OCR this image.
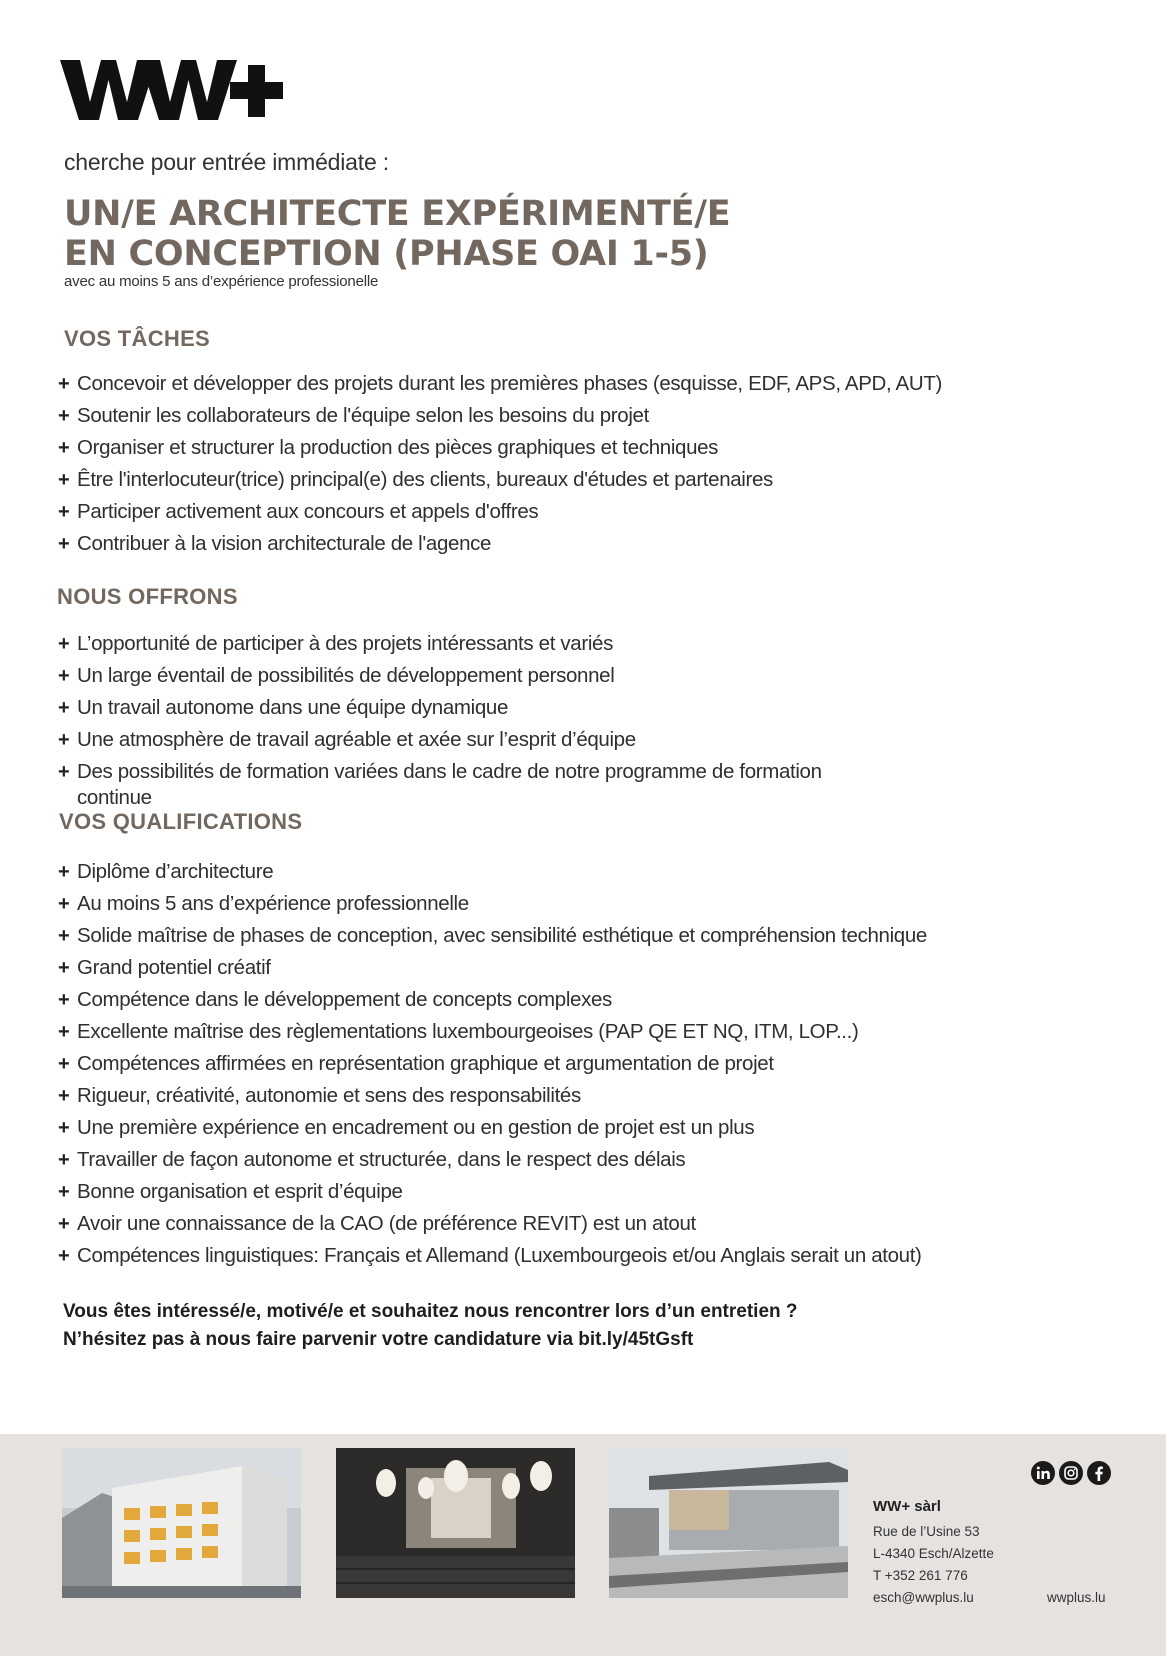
cherche pour entrée immédiate :
UN/E ARCHITECTE EXPÉRIMENTÉ/E
EN CONCEPTION (PHASE OAI 1-5)
avec au moins 5 ans d’expérience professionelle
VOS TÂCHES
+ Concevoir et développer des projets durant les premières phases (esquisse, EDF, APS, APD, AUT)
+ Soutenir les collaborateurs de l'équipe selon les besoins du projet
+ Organiser et structurer la production des pièces graphiques et techniques
+ Être l'interlocuteur(trice) principal(e) des clients, bureaux d'études et partenaires
+ Participer activement aux concours et appels d'offres
+ Contribuer à la vision architecturale de l'agence
NOUS OFFRONS
+ L’opportunité de participer à des projets intéressants et variés
+ Un large éventail de possibilités de développement personnel
+ Un travail autonome dans une équipe dynamique
+ Une atmosphère de travail agréable et axée sur l’esprit d’équipe
+ Des possibilités de formation variées dans le cadre de notre programme de formation continue
VOS QUALIFICATIONS
+ Diplôme d’architecture
+ Au moins 5 ans d’expérience professionnelle
+ Solide maîtrise de phases de conception, avec sensibilité esthétique et compréhension technique
+ Grand potentiel créatif
+ Compétence dans le développement de concepts complexes
+ Excellente maîtrise des règlementations luxembourgeoises (PAP QE ET NQ, ITM, LOP...)
+ Compétences affirmées en représentation graphique et argumentation de projet
+ Rigueur, créativité, autonomie et sens des responsabilités
+ Une première expérience en encadrement ou en gestion de projet est un plus
+ Travailler de façon autonome et structurée, dans le respect des délais
+ Bonne organisation et esprit d’équipe
+ Avoir une connaissance de la CAO (de préférence REVIT) est un atout
+ Compétences linguistiques: Français et Allemand (Luxembourgeois et/ou Anglais serait un atout)
Vous êtes intéressé/e, motivé/e et souhaitez nous rencontrer lors d’un entretien ?
N’hésitez pas à nous faire parvenir votre candidature via bit.ly/45tGsft
WW+ sàrl
Rue de l’Usine 53
L-4340 Esch/Alzette
T +352 261 776
esch@wwplus.lu	wwplus.lu
